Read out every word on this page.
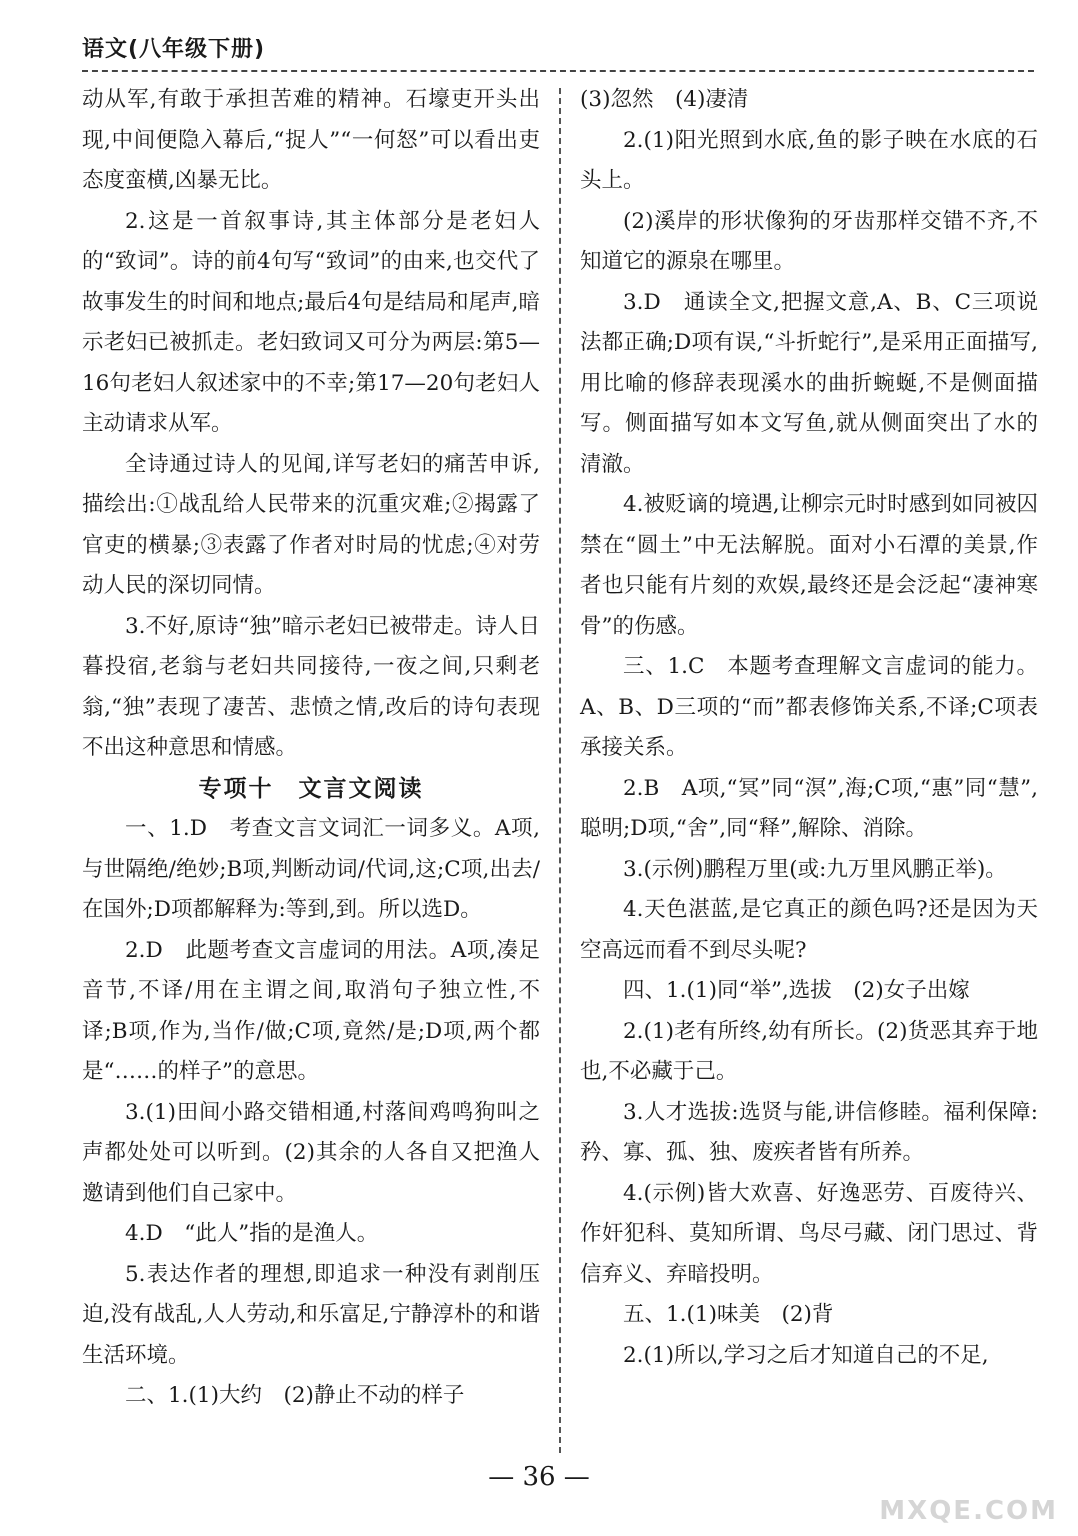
语文(八年级下册)

动从军,有敢于承担苦难的精神。石壕吏开头出现,中间便隐入幕后,“捉人”“一何怒”可以看出吏态度蛮横,凶暴无比。

2.这是一首叙事诗,其主体部分是老妇人的“致词”。诗的前4句写“致词”的由来,也交代了故事发生的时间和地点;最后4句是结局和尾声,暗示老妇已被抓走。老妇致词又可分为两层:第5—16句老妇人叙述家中的不幸;第17—20句老妇人主动请求从军。

全诗通过诗人的见闻,详写老妇的痛苦申诉,描绘出:①战乱给人民带来的沉重灾难;②揭露了官吏的横暴;③表露了作者对时局的忧虑;④对劳动人民的深切同情。

3.不好,原诗“独”暗示老妇已被带走。诗人日暮投宿,老翁与老妇共同接待,一夜之间,只剩老翁,“独”表现了凄苦、悲愤之情,改后的诗句表现不出这种意思和情感。

专项十　文言文阅读

一、1.D　考查文言文词汇一词多义。A项,与世隔绝/绝妙;B项,判断动词/代词,这;C项,出去/在国外;D项都解释为:等到,到。所以选D。

2.D　此题考查文言虚词的用法。A项,凑足音节,不译/用在主谓之间,取消句子独立性,不译;B项,作为,当作/做;C项,竟然/是;D项,两个都是“……的样子”的意思。

3.(1)田间小路交错相通,村落间鸡鸣狗叫之声都处处可以听到。(2)其余的人各自又把渔人邀请到他们自己家中。

4.D　“此人”指的是渔人。

5.表达作者的理想,即追求一种没有剥削压迫,没有战乱,人人劳动,和乐富足,宁静淳朴的和谐生活环境。

二、1.(1)大约　(2)静止不动的样子

(3)忽然　(4)凄清

2.(1)阳光照到水底,鱼的影子映在水底的石头上。

(2)溪岸的形状像狗的牙齿那样交错不齐,不知道它的源泉在哪里。

3.D　通读全文,把握文意,A、B、C三项说法都正确;D项有误,“斗折蛇行”,是采用正面描写,用比喻的修辞表现溪水的曲折蜿蜒,不是侧面描写。侧面描写如本文写鱼,就从侧面突出了水的清澈。

4.被贬谪的境遇,让柳宗元时时感到如同被囚禁在“圆土”中无法解脱。面对小石潭的美景,作者也只能有片刻的欢娱,最终还是会泛起“凄神寒骨”的伤感。

三、1.C　本题考查理解文言虚词的能力。A、B、D三项的“而”都表修饰关系,不译;C项表承接关系。

2.B　A项,“冥”同“溟”,海;C项,“惠”同“慧”,聪明;D项,“舍”,同“释”,解除、消除。

3.(示例)鹏程万里(或:九万里风鹏正举)。

4.天色湛蓝,是它真正的颜色吗?还是因为天空高远而看不到尽头呢?

四、1.(1)同“举”,选拔　(2)女子出嫁

2.(1)老有所终,幼有所长。(2)货恶其弃于地也,不必藏于己。

3.人才选拔:选贤与能,讲信修睦。福利保障:矜、寡、孤、独、废疾者皆有所养。

4.(示例)皆大欢喜、好逸恶劳、百废待兴、作奸犯科、莫知所谓、鸟尽弓藏、闭门思过、背信弃义、弃暗投明。

五、1.(1)味美　(2)背

2.(1)所以,学习之后才知道自己的不足,

— 36 —
MXQE.COM
